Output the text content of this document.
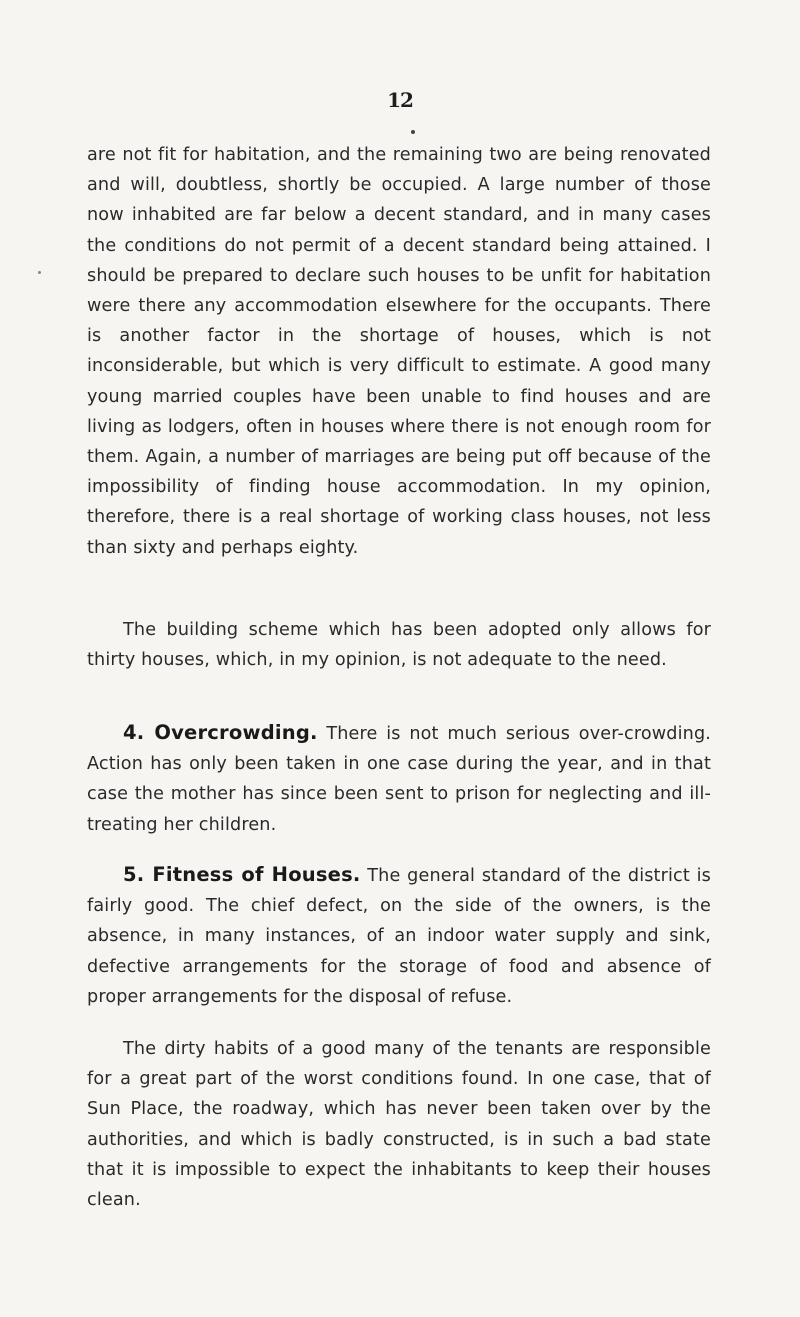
12

are not fit for habitation, and the remaining two are being renovated and will, doubtless, shortly be occupied. A large number of those now inhabited are far below a decent standard, and in many cases the conditions do not permit of a decent standard being attained. I should be prepared to declare such houses to be unfit for habitation were there any accommodation elsewhere for the occupants. There is another factor in the shortage of houses, which is not inconsiderable, but which is very difficult to estimate. A good many young married couples have been unable to find houses and are living as lodgers, often in houses where there is not enough room for them. Again, a number of marriages are being put off because of the impossibility of finding house accommodation. In my opinion, therefore, there is a real shortage of working class houses, not less than sixty and perhaps eighty.

The building scheme which has been adopted only allows for thirty houses, which, in my opinion, is not adequate to the need.

4. Overcrowding. There is not much serious over-crowding. Action has only been taken in one case during the year, and in that case the mother has since been sent to prison for neglecting and ill-treating her children.

5. Fitness of Houses. The general standard of the district is fairly good. The chief defect, on the side of the owners, is the absence, in many instances, of an indoor water supply and sink, defective arrangements for the storage of food and absence of proper arrangements for the disposal of refuse.

The dirty habits of a good many of the tenants are responsible for a great part of the worst conditions found. In one case, that of Sun Place, the roadway, which has never been taken over by the authorities, and which is badly constructed, is in such a bad state that it is impossible to expect the inhabitants to keep their houses clean.
